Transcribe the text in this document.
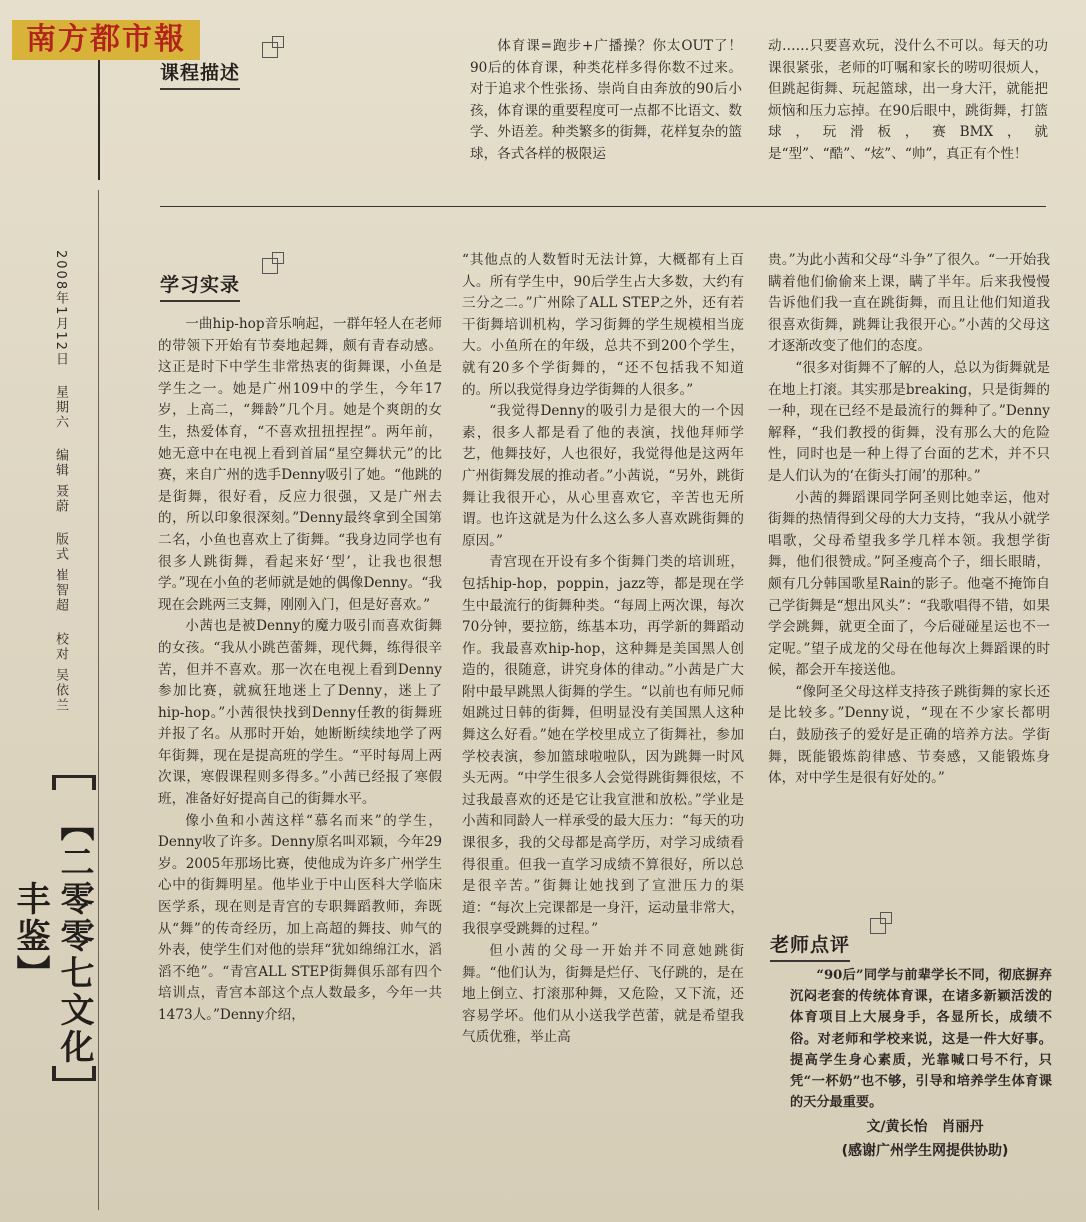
南方都市報
课程描述

体育课=跑步+广播操？你太OUT了！90后的体育课，种类花样多得你数不过来。对于追求个性张扬、崇尚自由奔放的90后小孩，体育课的重要程度可一点都不比语文、数学、外语差。种类繁多的街舞，花样复杂的篮球，各式各样的极限运

动……只要喜欢玩，没什么不可以。每天的功课很紧张，老师的叮嘱和家长的唠叨很烦人，但跳起街舞、玩起篮球，出一身大汗，就能把烦恼和压力忘掉。在90后眼中，跳街舞，打篮球，玩滑板，赛BMX，就是“型”、“酷”、“炫”、“帅”，真正有个性！

学习实录

一曲hip-hop音乐响起，一群年轻人在老师的带领下开始有节奏地起舞，颇有青春动感。这正是时下中学生非常热衷的街舞课，小鱼是学生之一。她是广州109中的学生，今年17岁，上高二，“舞龄”几个月。她是个爽朗的女生，热爱体育，“不喜欢扭扭捏捏”。两年前，她无意中在电视上看到首届“星空舞状元”的比赛，来自广州的选手Denny吸引了她。“他跳的是街舞，很好看，反应力很强，又是广州去的，所以印象很深刻。”Denny最终拿到全国第二名，小鱼也喜欢上了街舞。“我身边同学也有很多人跳街舞，看起来好‘型’，让我也很想学。”现在小鱼的老师就是她的偶像Denny。“我现在会跳两三支舞，刚刚入门，但是好喜欢。”

小茜也是被Denny的魔力吸引而喜欢街舞的女孩。“我从小跳芭蕾舞，现代舞，练得很辛苦，但并不喜欢。那一次在电视上看到Denny参加比赛，就疯狂地迷上了Denny，迷上了hip-hop。”小茜很快找到Denny任教的街舞班并报了名。从那时开始，她断断续续地学了两年街舞，现在是提高班的学生。“平时每周上两次课，寒假课程则多得多。”小茜已经报了寒假班，准备好好提高自己的街舞水平。

像小鱼和小茜这样“慕名而来”的学生，Denny收了许多。Denny原名叫邓颖，今年29岁。2005年那场比赛，使他成为许多广州学生心中的街舞明星。他毕业于中山医科大学临床医学系，现在则是青宫的专职舞蹈教师，奔既从“舞”的传奇经历，加上高超的舞技、帅气的外表，使学生们对他的崇拜“犹如绵绵江水，滔滔不绝”。“青宫ALL STEP街舞俱乐部有四个培训点，青宫本部这个点人数最多，今年一共1473人。”Denny介绍，

“其他点的人数暂时无法计算，大概都有上百人。所有学生中，90后学生占大多数，大约有三分之二。”广州除了ALL STEP之外，还有若干街舞培训机构，学习街舞的学生规模相当庞大。小鱼所在的年级，总共不到200个学生，就有20多个学街舞的，“还不包括我不知道的。所以我觉得身边学街舞的人很多。”

“我觉得Denny的吸引力是很大的一个因素，很多人都是看了他的表演，找他拜师学艺，他舞技好，人也很好，我觉得他是这两年广州街舞发展的推动者。”小茜说，“另外，跳街舞让我很开心，从心里喜欢它，辛苦也无所谓。也许这就是为什么这么多人喜欢跳街舞的原因。”

青宫现在开设有多个街舞门类的培训班，包括hip-hop，poppin，jazz等，都是现在学生中最流行的街舞种类。“每周上两次课，每次70分钟，要拉筋，练基本功，再学新的舞蹈动作。我最喜欢hip-hop，这种舞是美国黑人创造的，很随意，讲究身体的律动。”小茜是广大附中最早跳黑人街舞的学生。“以前也有师兄师姐跳过日韩的街舞，但明显没有美国黑人这种舞这么好看。”她在学校里成立了街舞社，参加学校表演，参加篮球啦啦队，因为跳舞一时风头无两。“中学生很多人会觉得跳街舞很炫，不过我最喜欢的还是它让我宣泄和放松。”学业是小茜和同龄人一样承受的最大压力：“每天的功课很多，我的父母都是高学历，对学习成绩看得很重。但我一直学习成绩不算很好，所以总是很辛苦。”街舞让她找到了宣泄压力的渠道：“每次上完课都是一身汗，运动量非常大，我很享受跳舞的过程。”

但小茜的父母一开始并不同意她跳街舞。“他们认为，街舞是烂仔、飞仔跳的，是在地上倒立、打滚那种舞，又危险，又下流，还容易学坏。他们从小送我学芭蕾，就是希望我气质优雅，举止高

贵。”为此小茜和父母“斗争”了很久。“一开始我瞒着他们偷偷来上课，瞒了半年。后来我慢慢告诉他们我一直在跳街舞，而且让他们知道我很喜欢街舞，跳舞让我很开心。”小茜的父母这才逐渐改变了他们的态度。

“很多对街舞不了解的人，总以为街舞就是在地上打滚。其实那是breaking，只是街舞的一种，现在已经不是最流行的舞种了。”Denny解释，“我们教授的街舞，没有那么大的危险性，同时也是一种上得了台面的艺术，并不只是人们认为的‘在街头打闹’的那种。”

小茜的舞蹈课同学阿圣则比她幸运，他对街舞的热情得到父母的大力支持，“我从小就学唱歌，父母希望我多学几样本领。我想学街舞，他们很赞成。”阿圣瘦高个子，细长眼睛，颇有几分韩国歌星Rain的影子。他毫不掩饰自己学街舞是“想出风头”：“我歌唱得不错，如果学会跳舞，就更全面了，今后碰碰星运也不一定呢。”望子成龙的父母在他每次上舞蹈课的时候，都会开车接送他。

“像阿圣父母这样支持孩子跳街舞的家长还是比较多。”Denny说，“现在不少家长都明白，鼓励孩子的爱好是正确的培养方法。学街舞，既能锻炼韵律感、节奏感，又能锻炼身体，对中学生是很有好处的。”

2008年1月12日 星期六 编辑 聂蔚 版式 崔智超 校对 吴依兰
【二零零七文化丰鉴】	老师点评

“90后”同学与前辈学长不同，彻底摒弃沉闷老套的传统体育课，在诸多新颖活泼的体育项目上大展身手，各显所长，成绩不俗。对老师和学校来说，这是一件大好事。提高学生身心素质，光靠喊口号不行，只凭“一杯奶”也不够，引导和培养学生体育课的天分最重要。

文/黄长怡　肖丽丹
(感谢广州学生网提供协助)
